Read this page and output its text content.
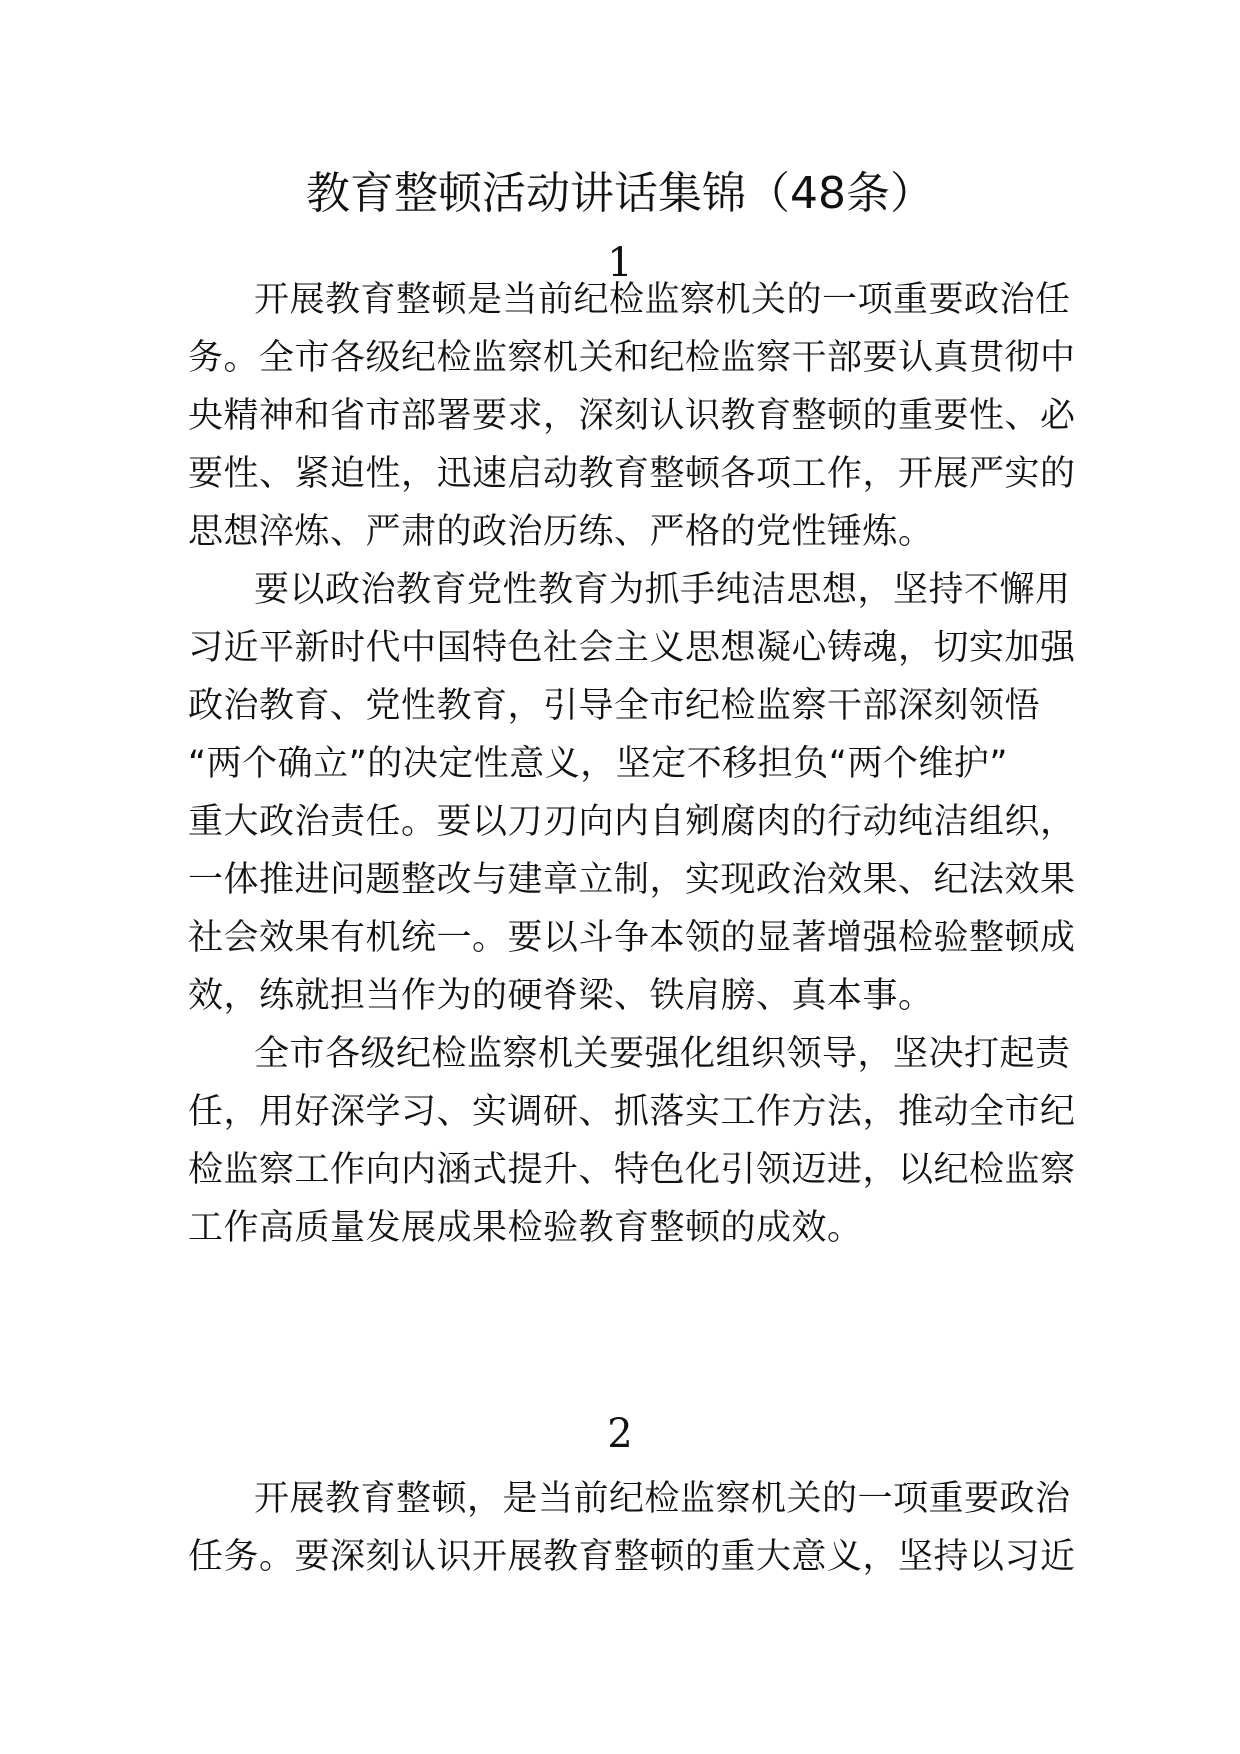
教育整顿活动讲话集锦（48条）
1
开展教育整顿是当前纪检监察机关的一项重要政治任
务。全市各级纪检监察机关和纪检监察干部要认真贯彻中
央精神和省市部署要求，深刻认识教育整顿的重要性、必
要性、紧迫性，迅速启动教育整顿各项工作，开展严实的
思想淬炼、严肃的政治历练、严格的党性锤炼。
要以政治教育党性教育为抓手纯洁思想，坚持不懈用
习近平新时代中国特色社会主义思想凝心铸魂，切实加强
政治教育、党性教育，引导全市纪检监察干部深刻领悟
“两个确立”的决定性意义，坚定不移担负“两个维护”
重大政治责任。要以刀刃向内自剜腐肉的行动纯洁组织，
一体推进问题整改与建章立制，实现政治效果、纪法效果
社会效果有机统一。要以斗争本领的显著增强检验整顿成
效，练就担当作为的硬脊梁、铁肩膀、真本事。
全市各级纪检监察机关要强化组织领导，坚决打起责
任，用好深学习、实调研、抓落实工作方法，推动全市纪
检监察工作向内涵式提升、特色化引领迈进，以纪检监察
工作高质量发展成果检验教育整顿的成效。
2
开展教育整顿，是当前纪检监察机关的一项重要政治
任务。要深刻认识开展教育整顿的重大意义，坚持以习近
